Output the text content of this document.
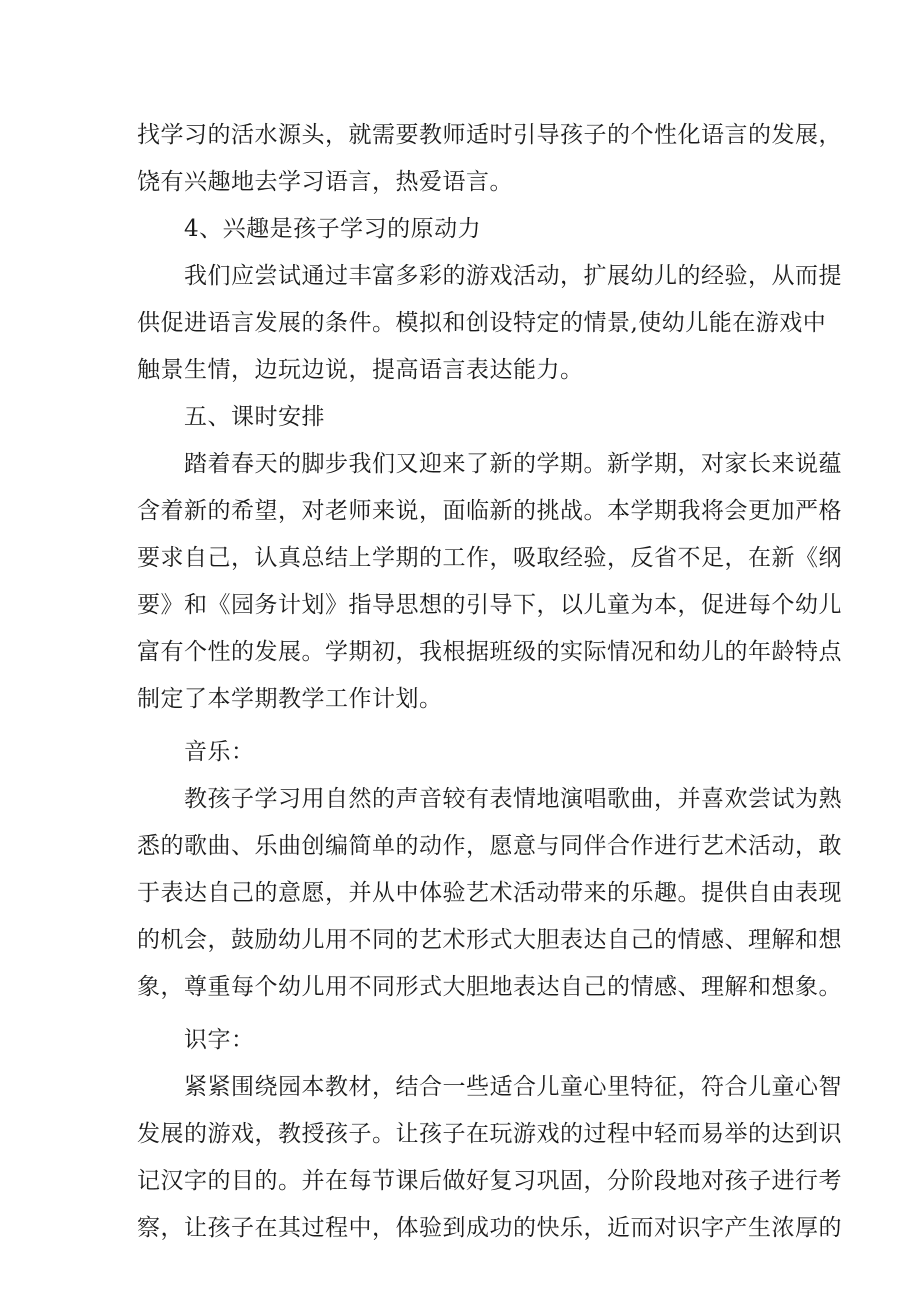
找学习的活水源头，就需要教师适时引导孩子的个性化语言的发展，
饶有兴趣地去学习语言，热爱语言。
4、兴趣是孩子学习的原动力
我们应尝试通过丰富多彩的游戏活动，扩展幼儿的经验，从而提
供促进语言发展的条件。模拟和创设特定的情景,使幼儿能在游戏中
触景生情，边玩边说，提高语言表达能力。
五、课时安排
踏着春天的脚步我们又迎来了新的学期。新学期，对家长来说蕴
含着新的希望，对老师来说，面临新的挑战。本学期我将会更加严格
要求自己，认真总结上学期的工作，吸取经验，反省不足，在新《纲
要》和《园务计划》指导思想的引导下，以儿童为本，促进每个幼儿
富有个性的发展。学期初，我根据班级的实际情况和幼儿的年龄特点
制定了本学期教学工作计划。
音乐：
教孩子学习用自然的声音较有表情地演唱歌曲，并喜欢尝试为熟
悉的歌曲、乐曲创编简单的动作，愿意与同伴合作进行艺术活动，敢
于表达自己的意愿，并从中体验艺术活动带来的乐趣。提供自由表现
的机会，鼓励幼儿用不同的艺术形式大胆表达自己的情感、理解和想
象，尊重每个幼儿用不同形式大胆地表达自己的情感、理解和想象。
识字：
紧紧围绕园本教材，结合一些适合儿童心里特征，符合儿童心智
发展的游戏，教授孩子。让孩子在玩游戏的过程中轻而易举的达到识
记汉字的目的。并在每节课后做好复习巩固，分阶段地对孩子进行考
察，让孩子在其过程中，体验到成功的快乐，近而对识字产生浓厚的
